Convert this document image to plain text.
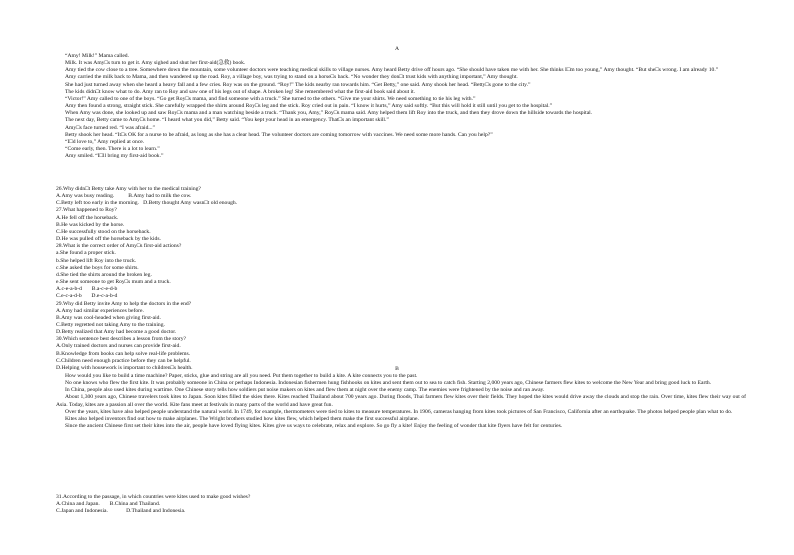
A

“Amy! Milk!” Mama called.

Milk. It was Amy□s turn to get it. Amy sighed and shut her first-aid(急救) book.

Amy tied the cow close to a tree. Somewhere down the mountain, some volunteer doctors were teaching medical skills to village nurses. Amy heard Betty drive off hours ago. “She should have taken me with her. She thinks I□m too young,” Amy thought. “But she□s wrong. I am already 10.”

Amy carried the milk back to Mama, and then wandered up the road. Roy, a village boy, was trying to stand on a horse□s back. “No wonder they don□t trust kids with anything important,” Amy thought.

She had just turned away when she heard a heavy fall and a few cries. Roy was on the ground. “Roy!” The kids nearby ran towards him. “Get Betty,” one said. Amy shook her head. “Betty□s gone to the city.”

The kids didn□t know what to do. Amy ran to Roy and saw one of his legs out of shape. A broken leg! She remembered what the first-aid book said about it.

“Victor!” Amy called to one of the boys. “Go get Roy□s mama, and find someone with a truck.” She turned to the others. “Give me your shirts. We need something to tie his leg with.”

Amy then found a strong, straight stick. She carefully wrapped the shirts around Roy□s leg and the stick. Roy cried out in pain. “I know it hurts,” Amy said softly. “But this will hold it still until you get to the hospital.”

When Amy was done, she looked up and saw Roy□s mama and a man watching beside a truck. “Thank you, Amy,” Roy□s mama said. Amy helped them lift Roy into the truck, and then they drove down the hillside towards the hospital.

The next day, Betty came to Amy□s home. “I heard what you did,” Betty said. “You kept your head in an emergency. That□s an important skill.”

Amy□s face turned red. “I was afraid...”

Betty shook her head. “It□s OK for a nurse to be afraid, as long as she has a clear head. The volunteer doctors are coming tomorrow with vaccines. We need some more hands. Can you help?”

“I□d love to,” Amy replied at once.

“Come early, then. There is a lot to learn.”

Amy smiled. “I□ll bring my first-aid book.”

26.Why didn□t Betty take Amy with her to the medical training?

A.Amy was busy reading.          B.Amy had to milk the cow.

C.Betty left too early in the morning.   D.Betty thought Amy wasn□t old enough.

27.What happened to Roy?

A.He fell off the horseback.

B.He was kicked by the horse.

C.He successfully stood on the horseback.

D.He was pulled off the horseback by the kids.

28.What is the correct order of Amy□s first-aid actions?

a.She found a proper stick.

b.She helped lift Roy into the truck.

c.She asked the boys for some shirts.

d.She tied the shirts around the broken leg.

e.She sent someone to get Roy□s mum and a truck.

A.c-e-a-b-d       B.a-c-e-d-b

C.e-c-a-d-b       D.e-c-a-b-d

29.Why did Betty invite Amy to help the doctors in the end?

A.Amy had similar experiences before.

B.Amy was cool-headed when giving first-aid.

C.Betty regretted not taking Amy to the training.

D.Betty realized that Amy had become a good doctor.

30.Which sentence best describes a lesson from the story?

A.Only trained doctors and nurses can provide first-aid.

B.Knowledge from books can help solve real-life problems.

C.Children need enough practice before they can be helpful.

D.Helping with housework is important to children□s health.	B

How would you like to build a time machine? Paper, sticks, glue and string are all you need. Put them together to build a kite. A kite connects you to the past.

No one knows who flew the first kite. It was probably someone in China or perhaps Indonesia. Indonesian fishermen hung fishhooks on kites and sent them out to sea to catch fish. Starting 2,000 years ago, Chinese farmers flew kites to welcome the New Year and bring good luck to Earth.

In China, people also used kites during wartime. One Chinese story tells how soldiers put noise makers on kites and flew them at night over the enemy camp. The enemies were frightened by the noise and ran away.

About 1,300 years ago, Chinese travelers took kites to Japan. Soon kites filled the skies there. Kites reached Thailand about 700 years ago. During floods, Thai farmers flew kites over their fields. They hoped the kites would drive away the clouds and stop the rain. Over time, kites flew their way out of Asia. Today, kites are a passion all over the world. Kite fans meet at festivals in many parts of the world and have great fun.

Over the years, kites have also helped people understand the natural world. In 1749, for example, thermometers were tied to kites to measure temperatures. In 1906, cameras hanging from kites took pictures of San Francisco, California after an earthquake. The photos helped people plan what to do.

Kites also helped inventors find out how to make airplanes. The Wright brothers studied how kites flew, which helped them make the first successful airplane.

Since the ancient Chinese first set their kites into the air, people have loved flying kites. Kites give us ways to celebrate, relax and explore. So go fly a kite! Enjoy the feeling of wonder that kite flyers have felt for centuries.

31.According to the passage, in which countries were kites used to make good wishes?

A.China and Japan.       B.China and Thailand.

C.Japan and Indonesia.             D.Thailand and Indonesia.
